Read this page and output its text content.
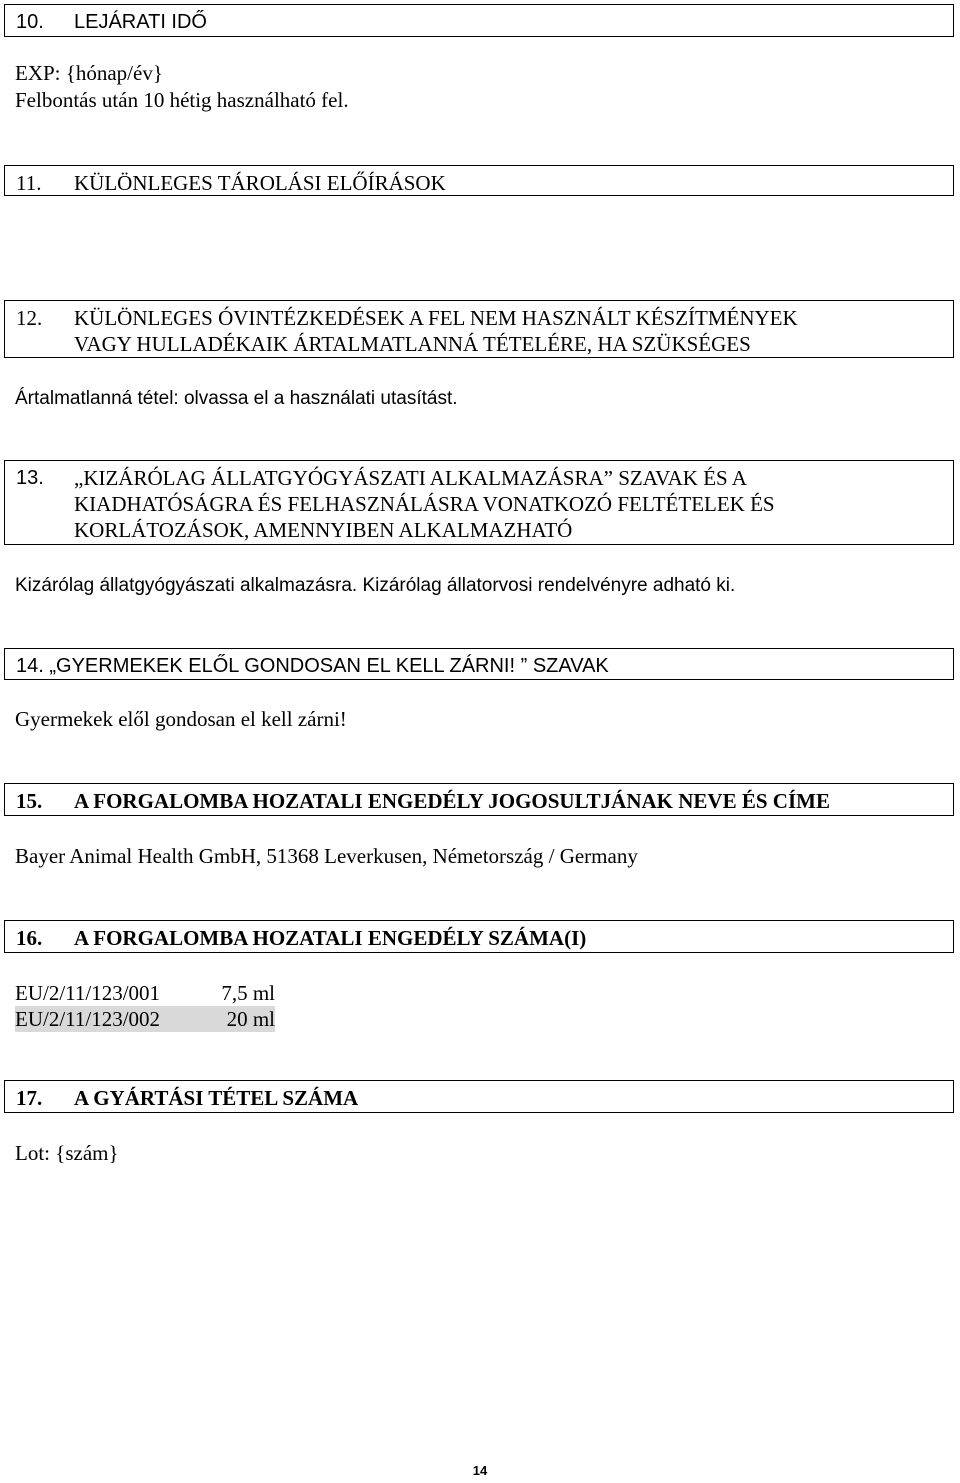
10.	LEJÁRATI IDŐ
EXP: {hónap/év}
Felbontás után 10 hétig használható fel.
11.	KÜLÖNLEGES TÁROLÁSI ELŐÍRÁSOK
12.	KÜLÖNLEGES ÓVINTÉZKEDÉSEK A FEL NEM HASZNÁLT KÉSZÍTMÉNYEK
VAGY HULLADÉKAIK ÁRTALMATLANNÁ TÉTELÉRE, HA SZÜKSÉGES
Ártalmatlanná tétel: olvassa el a használati utasítást.
13.	„KIZÁRÓLAG ÁLLATGYÓGYÁSZATI ALKALMAZÁSRA” SZAVAK ÉS A
KIADHATÓSÁGRA ÉS FELHASZNÁLÁSRA VONATKOZÓ FELTÉTELEK ÉS
KORLÁTOZÁSOK, AMENNYIBEN ALKALMAZHATÓ
Kizárólag állatgyógyászati alkalmazásra. Kizárólag állatorvosi rendelvényre adható ki.
14. „GYERMEKEK ELŐL GONDOSAN EL KELL ZÁRNI! ” SZAVAK
Gyermekek elől gondosan el kell zárni!
15.	A FORGALOMBA HOZATALI ENGEDÉLY JOGOSULTJÁNAK NEVE ÉS CÍME
Bayer Animal Health GmbH, 51368 Leverkusen, Németország / Germany
16.	A FORGALOMBA HOZATALI ENGEDÉLY SZÁMA(I)
EU/2/11/123/001	7,5 ml
EU/2/11/123/002	20 ml
17.	A GYÁRTÁSI TÉTEL SZÁMA
Lot: {szám}
14
